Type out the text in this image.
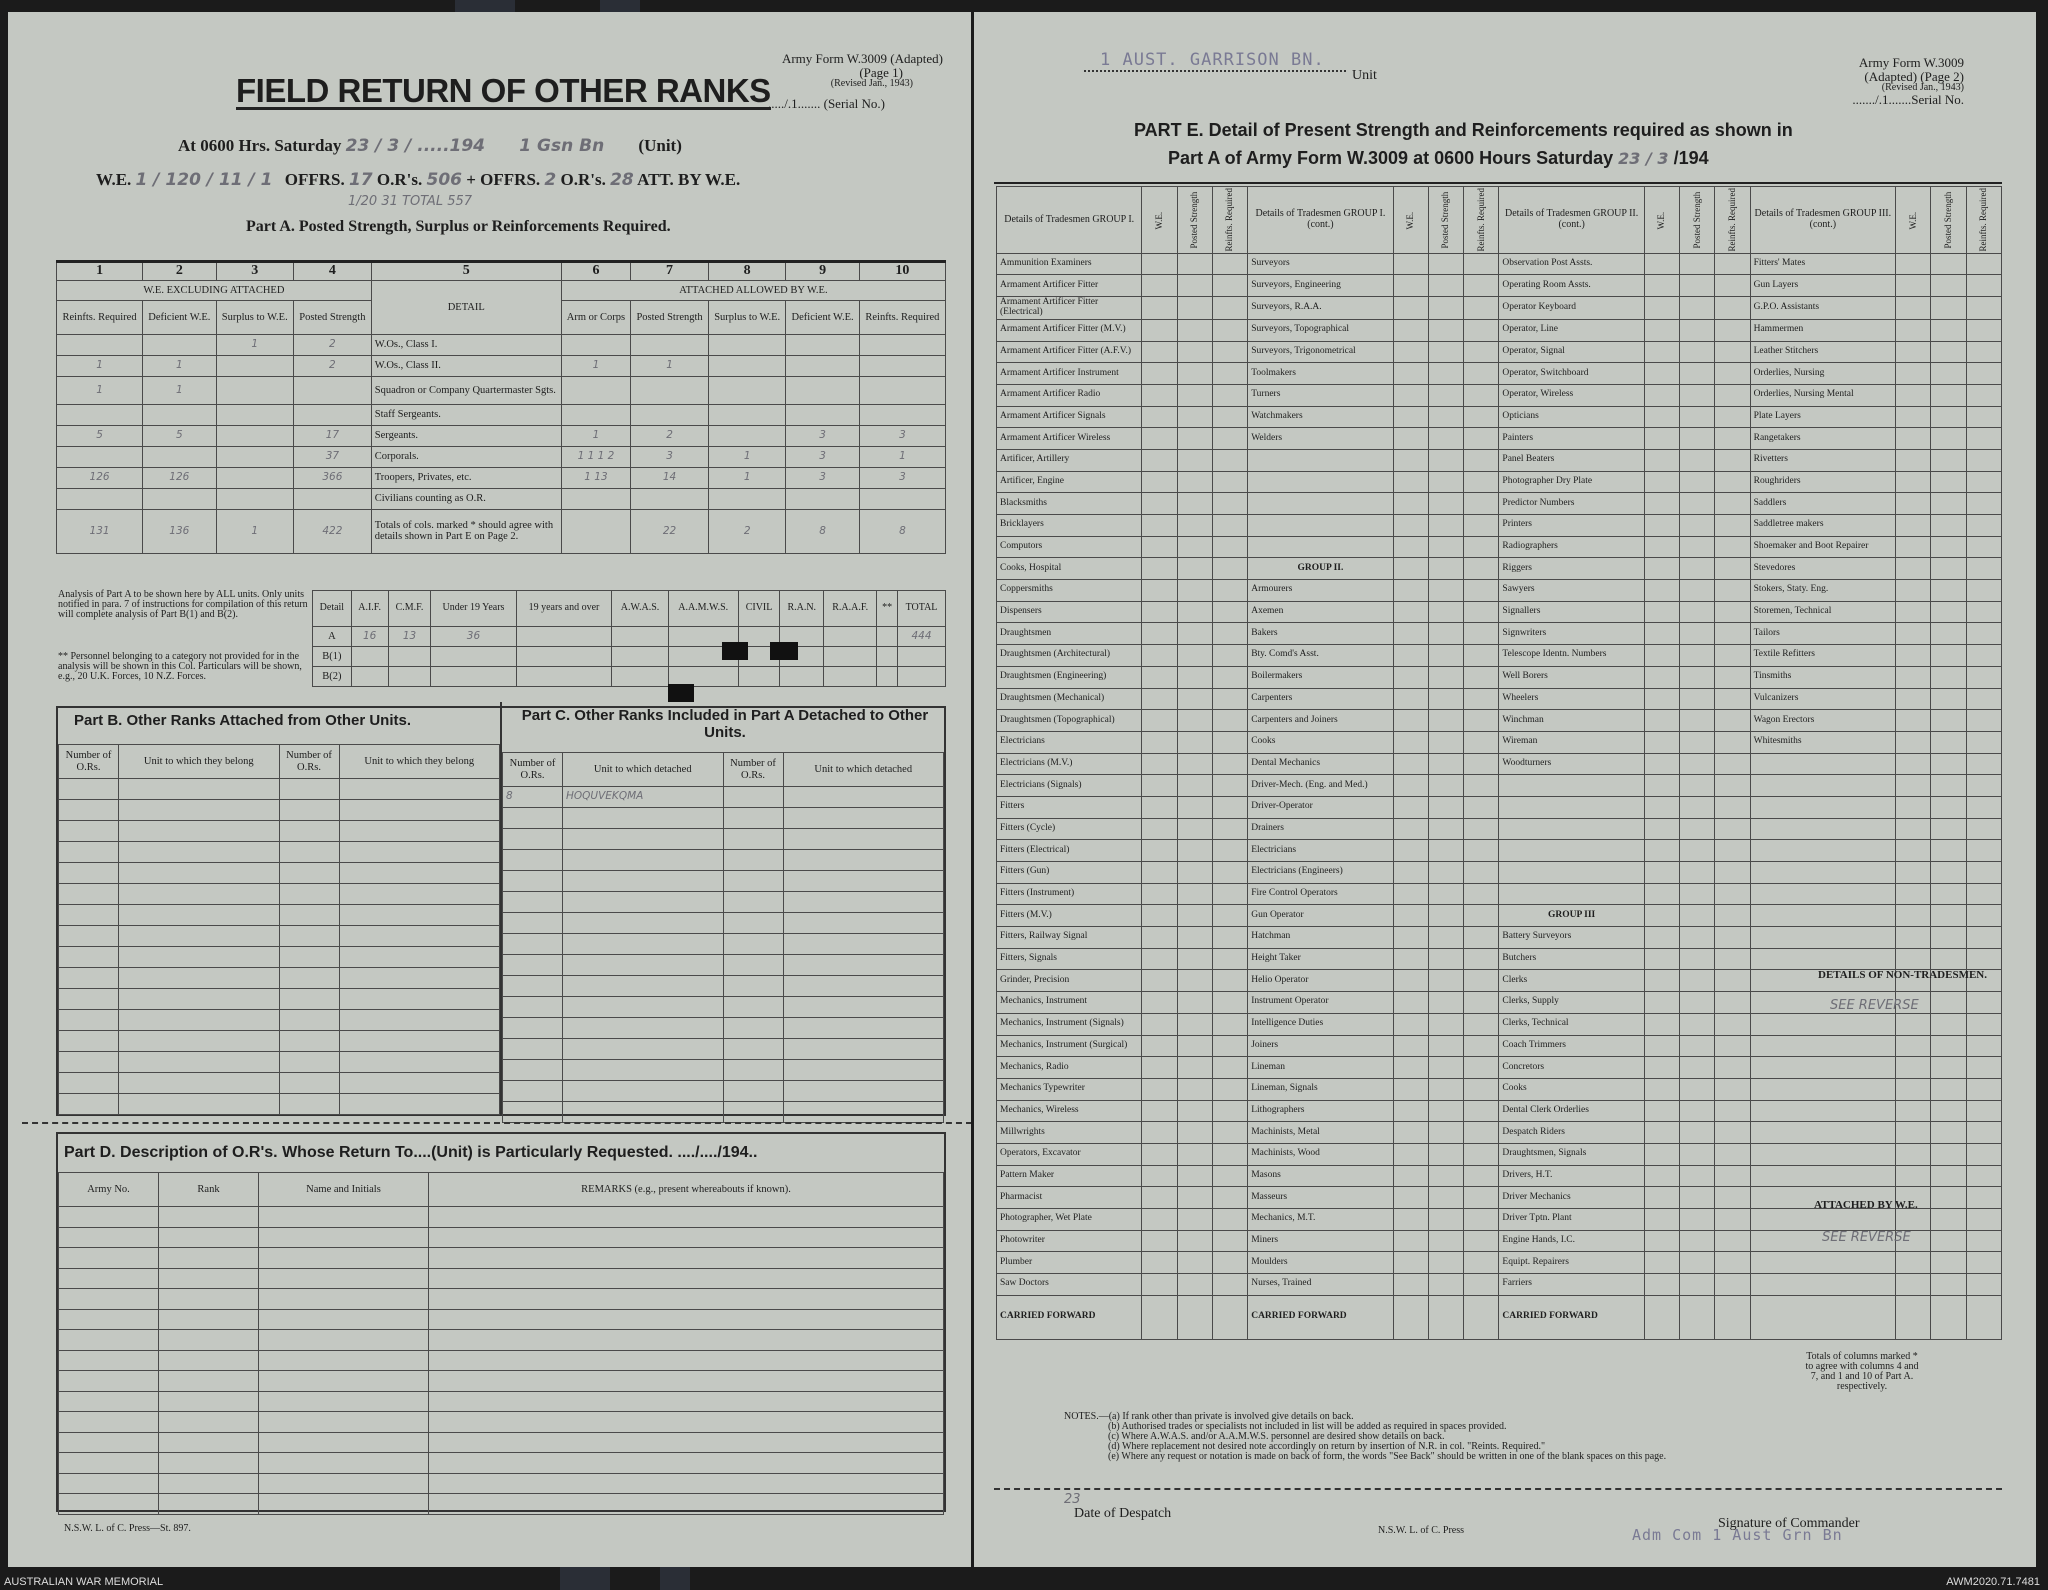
Army Form W.3009 (Adapted)
(Page 1)
(Revised Jan., 1943)
FIELD RETURN OF OTHER RANKS
...../.1....... (Serial No.)
At 0600 Hrs. Saturday 23 / 3 / .....194 1 Gsn Bn (Unit)
W.E. 1 / 120 / 11 / 1 OFFRS. 17 O.R's. 506 + OFFRS. 2 O.R's. 28 ATT. BY W.E.
1/20 31 TOTAL 557
Part A. Posted Strength, Surplus or Reinforcements Required.
1	2	3	4	5	6	7	8	9	10
W.E. EXCLUDING ATTACHED				DETAIL	ATTACHED ALLOWED BY W.E.				
Reinfts. Required	Deficient W.E.	Surplus to W.E.	Posted Strength		Arm or Corps	Posted Strength	Surplus to W.E.	Deficient W.E.	Reinfts. Required
		1	2	W.Os., Class I.					
1	1		2	W.Os., Class II.	1	1			
1	1			Squadron or Company Quartermaster Sgts.					
				Staff Sergeants.					
5	5		17	Sergeants.	1	2		3	3
			37	Corporals.	1 1 1 2	3	1	3	1
126	126		366	Troopers, Privates, etc.	1 13	14	1	3	3
				Civilians counting as O.R.					
131	136	1	422	Totals of cols. marked * should agree with details shown in Part E on Page 2.		22	2	8	8
Analysis of Part A to be shown here by ALL units. Only units notified in para. 7 of instructions for compilation of this return will complete analysis of Part B(1) and B(2).
** Personnel belonging to a category not provided for in the analysis will be shown in this Col. Particulars will be shown, e.g., 20 U.K. Forces, 10 N.Z. Forces.
Detail	A.I.F.	C.M.F.	Under 19 Years	19 years and over	A.W.A.S.	A.A.M.W.S.	CIVIL	R.A.N.	R.A.A.F.	**	TOTAL
A	16	13	36								444
B(1)											
B(2)											
Part B. Other Ranks Attached from Other Units.	Part C. Other Ranks Included in Part A Detached to Other Units.
Number of O.Rs.	Unit to which they belong	Number of O.Rs.	Unit to which they belong

				Number of O.Rs.	Unit to which detached	Number of O.Rs.	Unit to which detached
8	HOQUVEKQMA		

Part D. Description of O.R's. Whose Return To....(Unit) is Particularly Requested. ..../..../194..
Army No.	Rank	Name and Initials	REMARKS (e.g., present whereabouts if known).

N.S.W. L. of C. Press—St. 897.
1 AUST. GARRISON BN.
Unit
Army Form W.3009
(Adapted) (Page 2)
(Revised Jan., 1943)
......./.1.......Serial No.
PART E. Detail of Present Strength and Reinforcements required as shown in
Part A of Army Form W.3009 at 0600 Hours Saturday 23 / 3 /194
Details of Tradesmen GROUP I.	W.E.	Posted Strength	Reinfts. Required	Details of Tradesmen GROUP I. (cont.)	W.E.	Posted Strength	Reinfts. Required	Details of Tradesmen GROUP II. (cont.)	W.E.	Posted Strength	Reinfts. Required	Details of Tradesmen GROUP III. (cont.)	W.E.	Posted Strength	Reinfts. Required
Ammunition Examiners				Surveyors				Observation Post Assts.				Fitters' Mates			
Armament Artificer Fitter				Surveyors, Engineering				Operating Room Assts.				Gun Layers			
Armament Artificer Fitter (Electrical)				Surveyors, R.A.A.				Operator Keyboard				G.P.O. Assistants			
Armament Artificer Fitter (M.V.)				Surveyors, Topographical				Operator, Line				Hammermen			
Armament Artificer Fitter (A.F.V.)				Surveyors, Trigonometrical				Operator, Signal				Leather Stitchers			
Armament Artificer Instrument				Toolmakers				Operator, Switchboard				Orderlies, Nursing			
Armament Artificer Radio				Turners				Operator, Wireless				Orderlies, Nursing Mental			
Armament Artificer Signals				Watchmakers				Opticians				Plate Layers			
Armament Artificer Wireless				Welders				Painters				Rangetakers			
Artificer, Artillery								Panel Beaters				Rivetters			
Artificer, Engine								Photographer Dry Plate				Roughriders			
Blacksmiths								Predictor Numbers				Saddlers			
Bricklayers								Printers				Saddletree makers			
Computors								Radiographers				Shoemaker and Boot Repairer			
Cooks, Hospital				GROUP II.				Riggers				Stevedores			
Coppersmiths				Armourers				Sawyers				Stokers, Staty. Eng.			
Dispensers				Axemen				Signallers				Storemen, Technical			
Draughtsmen				Bakers				Signwriters				Tailors			
Draughtsmen (Architectural)				Bty. Comd's Asst.				Telescope Identn. Numbers				Textile Refitters			
Draughtsmen (Engineering)				Boilermakers				Well Borers				Tinsmiths			
Draughtsmen (Mechanical)				Carpenters				Wheelers				Vulcanizers			
Draughtsmen (Topographical)				Carpenters and Joiners				Winchman				Wagon Erectors			
Electricians				Cooks				Wireman				Whitesmiths			
Electricians (M.V.)				Dental Mechanics				Woodturners							
Electricians (Signals)				Driver-Mech. (Eng. and Med.)											
Fitters				Driver-Operator											
Fitters (Cycle)				Drainers											
Fitters (Electrical)				Electricians											
Fitters (Gun)				Electricians (Engineers)											
Fitters (Instrument)				Fire Control Operators											
Fitters (M.V.)				Gun Operator				GROUP III							
Fitters, Railway Signal				Hatchman				Battery Surveyors							
Fitters, Signals				Height Taker				Butchers							
Grinder, Precision				Helio Operator				Clerks							
Mechanics, Instrument				Instrument Operator				Clerks, Supply							
Mechanics, Instrument (Signals)				Intelligence Duties				Clerks, Technical							
Mechanics, Instrument (Surgical)				Joiners				Coach Trimmers							
Mechanics, Radio				Lineman				Concretors							
Mechanics Typewriter				Lineman, Signals				Cooks							
Mechanics, Wireless				Lithographers				Dental Clerk Orderlies							
Millwrights				Machinists, Metal				Despatch Riders							
Operators, Excavator				Machinists, Wood				Draughtsmen, Signals							
Pattern Maker				Masons				Drivers, H.T.							
Pharmacist				Masseurs				Driver Mechanics							
Photographer, Wet Plate				Mechanics, M.T.				Driver Tptn. Plant							
Photowriter				Miners				Engine Hands, I.C.							
Plumber				Moulders				Equipt. Repairers							
Saw Doctors				Nurses, Trained				Farriers							
CARRIED FORWARD				CARRIED FORWARD				CARRIED FORWARD							
DETAILS OF NON-TRADESMEN.
SEE REVERSE
ATTACHED BY W.E.
SEE REVERSE
Totals of columns marked * to agree with columns 4 and 7, and 1 and 10 of Part A. respectively.
NOTES.—(a) If rank other than private is involved give details on back.
(b) Authorised trades or specialists not included in list will be added as required in spaces provided.
(c) Where A.W.A.S. and/or A.A.M.W.S. personnel are desired show details on back.
(d) Where replacement not desired note accordingly on return by insertion of N.R. in col. "Reints. Required."
(e) Where any request or notation is made on back of form, the words "See Back" should be written in one of the blank spaces on this page.
23
Date of Despatch
Signature of Commander
N.S.W. L. of C. Press	Adm Com 1 Aust Grn Bn
AUSTRALIAN WAR MEMORIAL	AWM2020.71.7481
